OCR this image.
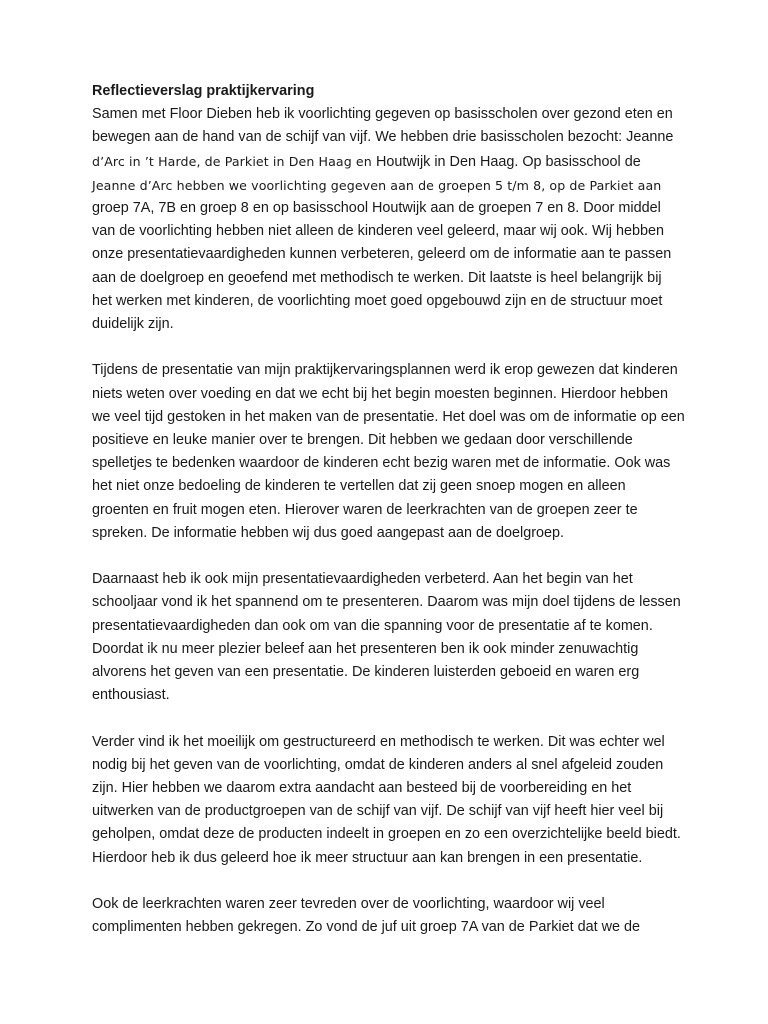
Reflectieverslag praktijkervaring

Samen met Floor Dieben heb ik voorlichting gegeven op basisscholen over gezond eten en
bewegen aan de hand van de schijf van vijf. We hebben drie basisscholen bezocht: Jeanne
d’Arc in ’t Harde, de Parkiet in Den Haag en Houtwijk in Den Haag. Op basisschool de
Jeanne d’Arc hebben we voorlichting gegeven aan de groepen 5 t/m 8, op de Parkiet aan
groep 7A, 7B en groep 8 en op basisschool Houtwijk aan de groepen 7 en 8. Door middel
van de voorlichting hebben niet alleen de kinderen veel geleerd, maar wij ook. Wij hebben
onze presentatievaardigheden kunnen verbeteren, geleerd om de informatie aan te passen
aan de doelgroep en geoefend met methodisch te werken. Dit laatste is heel belangrijk bij
het werken met kinderen, de voorlichting moet goed opgebouwd zijn en de structuur moet
duidelijk zijn.
Tijdens de presentatie van mijn praktijkervaringsplannen werd ik erop gewezen dat kinderen
niets weten over voeding en dat we echt bij het begin moesten beginnen. Hierdoor hebben
we veel tijd gestoken in het maken van de presentatie. Het doel was om de informatie op een
positieve en leuke manier over te brengen. Dit hebben we gedaan door verschillende
spelletjes te bedenken waardoor de kinderen echt bezig waren met de informatie. Ook was
het niet onze bedoeling de kinderen te vertellen dat zij geen snoep mogen en alleen
groenten en fruit mogen eten. Hierover waren de leerkrachten van de groepen zeer te
spreken. De informatie hebben wij dus goed aangepast aan de doelgroep.
Daarnaast heb ik ook mijn presentatievaardigheden verbeterd. Aan het begin van het
schooljaar vond ik het spannend om te presenteren. Daarom was mijn doel tijdens de lessen
presentatievaardigheden dan ook om van die spanning voor de presentatie af te komen.
Doordat ik nu meer plezier beleef aan het presenteren ben ik ook minder zenuwachtig
alvorens het geven van een presentatie. De kinderen luisterden geboeid en waren erg
enthousiast.
Verder vind ik het moeilijk om gestructureerd en methodisch te werken. Dit was echter wel
nodig bij het geven van de voorlichting, omdat de kinderen anders al snel afgeleid zouden
zijn. Hier hebben we daarom extra aandacht aan besteed bij de voorbereiding en het
uitwerken van de productgroepen van de schijf van vijf. De schijf van vijf heeft hier veel bij
geholpen, omdat deze de producten indeelt in groepen en zo een overzichtelijke beeld biedt.
Hierdoor heb ik dus geleerd hoe ik meer structuur aan kan brengen in een presentatie.
Ook de leerkrachten waren zeer tevreden over de voorlichting, waardoor wij veel
complimenten hebben gekregen. Zo vond de juf uit groep 7A van de Parkiet dat we de
